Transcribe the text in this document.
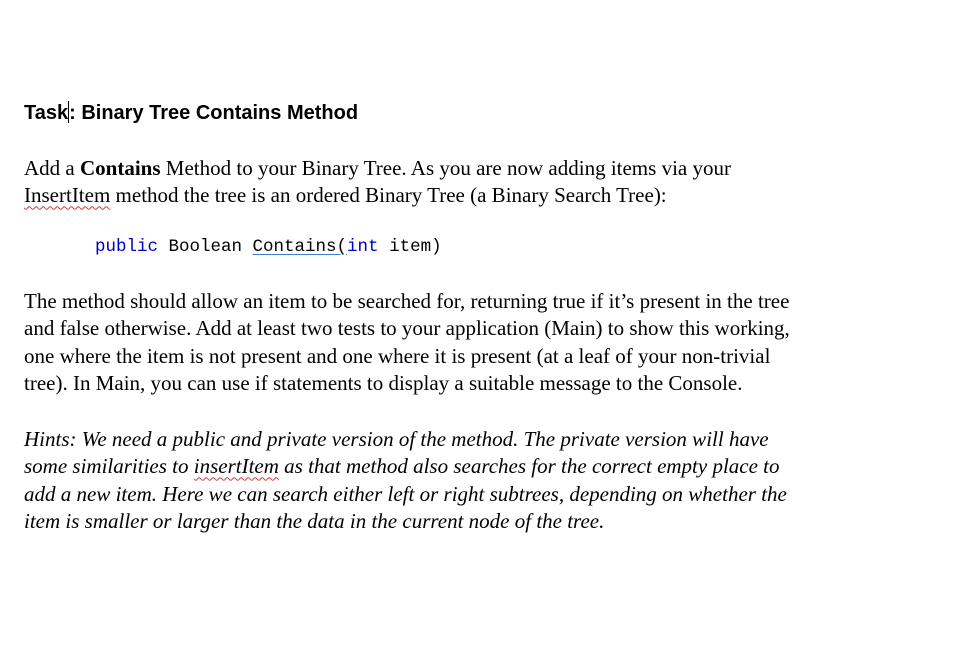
Task: Binary Tree Contains Method
Add a Contains Method to your Binary Tree. As you are now adding items via your
InsertItem method the tree is an ordered Binary Tree (a Binary Search Tree):
public Boolean Contains(int item)
The method should allow an item to be searched for, returning true if it’s present in the tree
and false otherwise. Add at least two tests to your application (Main) to show this working,
one where the item is not present and one where it is present (at a leaf of your non-trivial
tree). In Main, you can use if statements to display a suitable message to the Console.
Hints: We need a public and private version of the method. The private version will have
some similarities to insertItem as that method also searches for the correct empty place to
add a new item. Here we can search either left or right subtrees, depending on whether the
item is smaller or larger than the data in the current node of the tree.
